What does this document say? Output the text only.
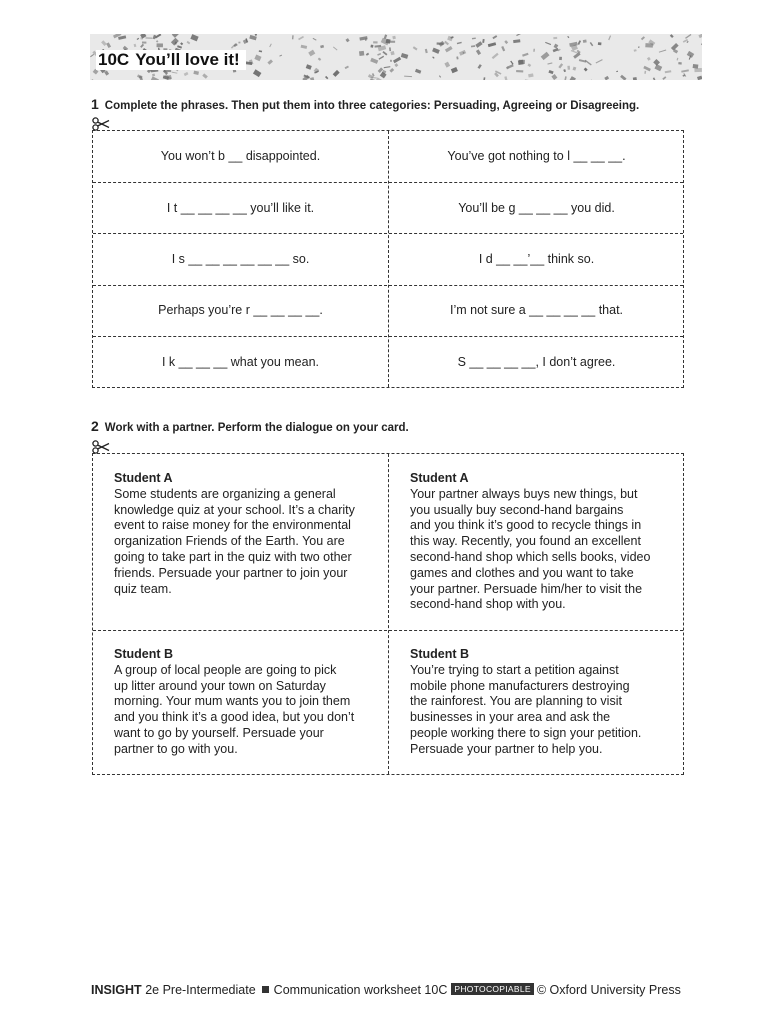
10C You’ll love it!
1 Complete the phrases. Then put them into three categories: Persuading, Agreeing or Disagreeing.
You won’t b __ disappointed.	You’ve got nothing to l __ __ __.
I t __ __ __ __ you’ll like it.	You’ll be g __ __ __ you did.
I s __ __ __ __ __ __ so.	I d __ __’__ think so.
Perhaps you’re r __ __ __ __.	I’m not sure a __ __ __ __ that.
I k __ __ __ what you mean.	S __ __ __ __, I don’t agree.
2 Work with a partner. Perform the dialogue on your card.
Student A
Some students are organizing a general
knowledge quiz at your school. It’s a charity
event to raise money for the environmental
organization Friends of the Earth. You are
going to take part in the quiz with two other
friends. Persuade your partner to join your
quiz team.
Student A
Your partner always buys new things, but
you usually buy second-hand bargains
and you think it’s good to recycle things in
this way. Recently, you found an excellent
second-hand shop which sells books, video
games and clothes and you want to take
your partner. Persuade him/her to visit the
second-hand shop with you.
Student B
A group of local people are going to pick
up litter around your town on Saturday
morning. Your mum wants you to join them
and you think it’s a good idea, but you don’t
want to go by yourself. Persuade your
partner to go with you.
Student B
You’re trying to start a petition against
mobile phone manufacturers destroying
the rainforest. You are planning to visit
businesses in your area and ask the
people working there to sign your petition.
Persuade your partner to help you.
INSIGHT 2e Pre-Intermediate Communication worksheet 10C PHOTOCOPIABLE © Oxford University Press
